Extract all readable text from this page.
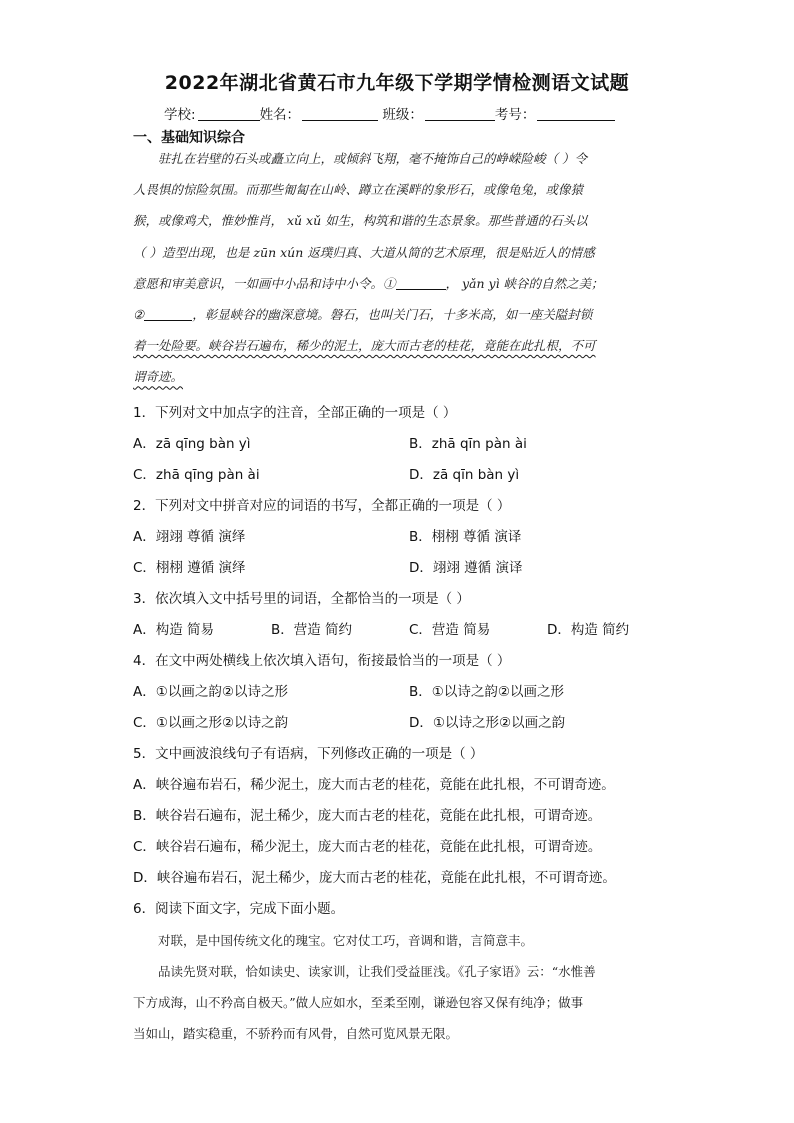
2022年湖北省黄石市九年级下学期学情检测语文试题
学校:	姓名：	班级：	考号：
一、基础知识综合
驻扎在岩壁的石头或矗立向上，或倾斜飞翔，毫不掩饰自己的峥嵘险峻（ ）令
人畏惧的惊险氛围。而那些匍匐在山岭、蹲立在溪畔的象形石，或像龟兔，或像猿
猴，或像鸡犬，惟妙惟肖， xǔ xǔ 如生，构筑和谐的生态景象。那些普通的石头以
（ ）造型出现，也是 zūn xún 返璞归真、大道从简的艺术原理，很是贴近人的情感
意愿和审美意识，一如画中小品和诗中小令。①	， yǎn yì 峡谷的自然之美；
②	，彰显峡谷的幽深意境。磐石，也叫关门石，十多米高，如一座关隘封锁
着一处险要。峡谷岩石遍布，稀少的泥土，庞大而古老的桂花，竟能在此扎根，不可
谓奇迹。
1．下列对文中加点字的注音，全部正确的一项是（ ）
A．zā qīng bàn yì	B．zhā qīn pàn ài
C．zhā qīng pàn ài	D．zā qīn bàn yì
2．下列对文中拼音对应的词语的书写，全都正确的一项是（ ）
A．翊翊 尊循 演绎	B．栩栩 尊循 演译
C．栩栩 遵循 演绎	D．翊翊 遵循 演译
3．依次填入文中括号里的词语，全都恰当的一项是（ ）
A．构造 简易	B．营造 简约	C．营造 简易	D．构造 简约
4．在文中两处横线上依次填入语句，衔接最恰当的一项是（ ）
A．①以画之韵②以诗之形	B．①以诗之韵②以画之形
C．①以画之形②以诗之韵	D．①以诗之形②以画之韵
5．文中画波浪线句子有语病，下列修改正确的一项是（ ）
A．峡谷遍布岩石，稀少泥土，庞大而古老的桂花，竟能在此扎根，不可谓奇迹。
B．峡谷岩石遍布，泥土稀少，庞大而古老的桂花，竟能在此扎根，可谓奇迹。
C．峡谷岩石遍布，稀少泥土，庞大而古老的桂花，竟能在此扎根，可谓奇迹。
D．峡谷遍布岩石，泥土稀少，庞大而古老的桂花，竟能在此扎根，不可谓奇迹。
6．阅读下面文字，完成下面小题。
对联，是中国传统文化的瑰宝。它对仗工巧，音调和谐，言简意丰。
品读先贤对联，恰如读史、读家训，让我们受益匪浅。《孔子家语》云：“水惟善
下方成海，山不矜高自极天。”做人应如水，至柔至刚，谦逊包容又保有纯净；做事
当如山，踏实稳重，不骄矜而有风骨，自然可览风景无限。
